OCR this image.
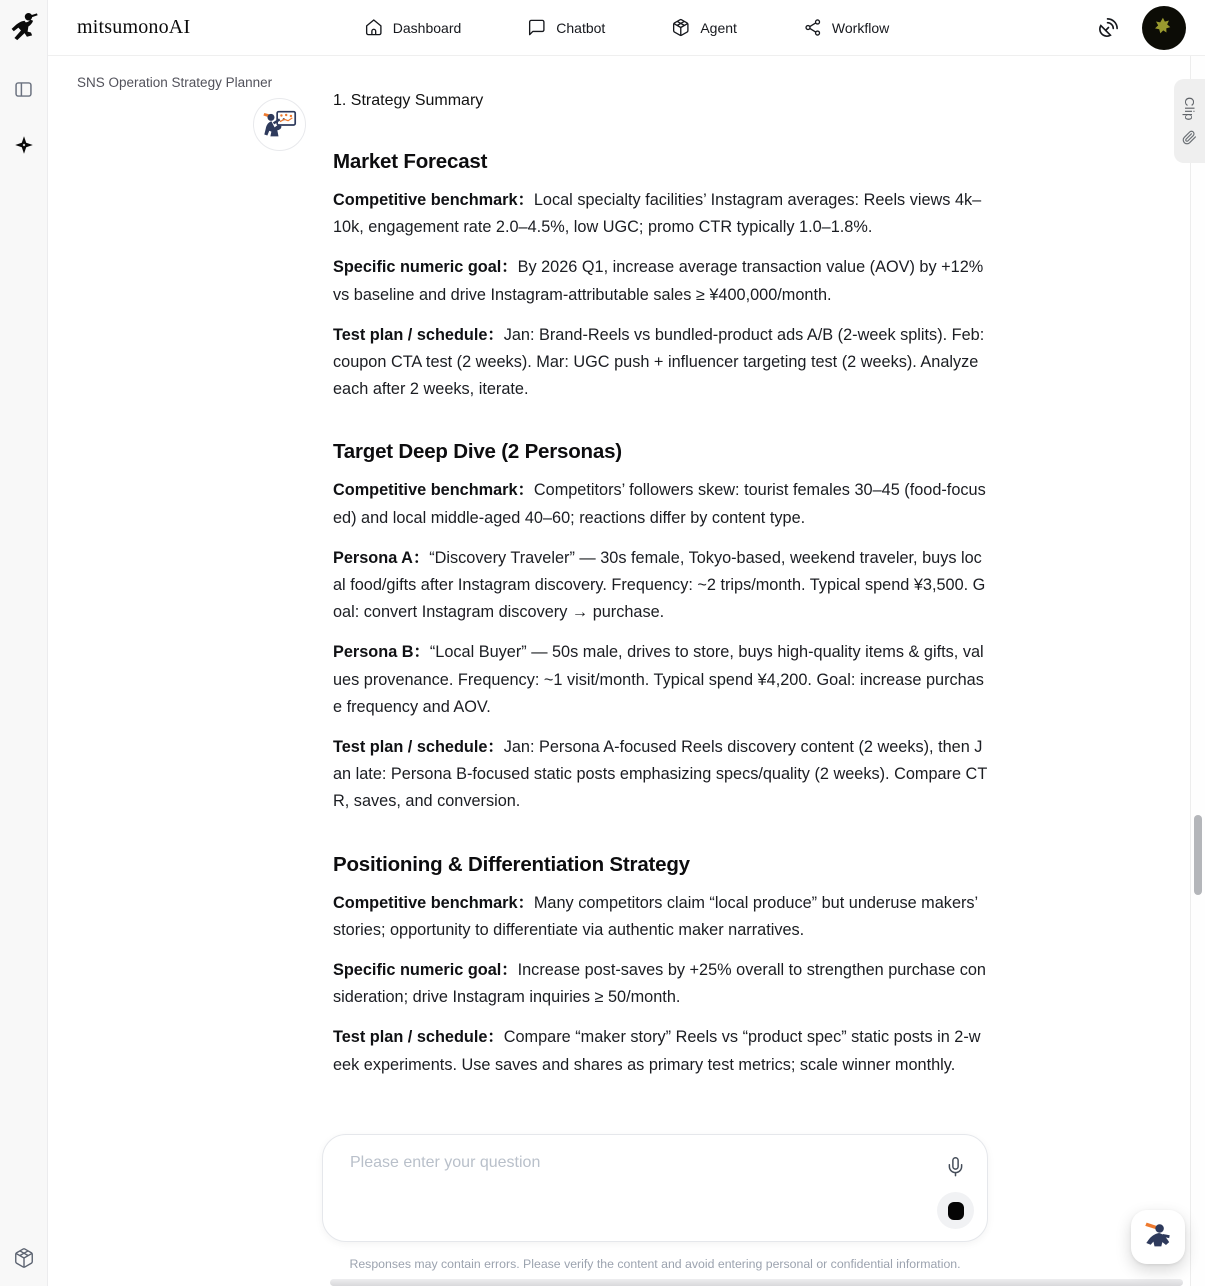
mitsumonoAI	Dashboard	Chatbot	Agent	Workflow
SNS Operation Strategy Planner

1. Strategy Summary

Market Forecast

Competitive benchmark：Local specialty facilities’ Instagram averages: Reels views 4k–10k, engagement rate 2.0–4.5%, low UGC; promo CTR typically 1.0–1.8%.

Specific numeric goal：By 2026 Q1, increase average transaction value (AOV) by +12% vs baseline and drive Instagram-attributable sales ≥ ¥400,000/month.

Test plan / schedule：Jan: Brand-Reels vs bundled-product ads A/B (2-week splits). Feb: coupon CTA test (2 weeks). Mar: UGC push + influencer targeting test (2 weeks). Analyze each after 2 weeks, iterate.

Target Deep Dive (2 Personas)

Competitive benchmark：Competitors’ followers skew: tourist females 30–45 (food-focused) and local middle-aged 40–60; reactions differ by content type.

Persona A：“Discovery Traveler” — 30s female, Tokyo-based, weekend traveler, buys local food/gifts after Instagram discovery. Frequency: ~2 trips/month. Typical spend ¥3,500. Goal: convert Instagram discovery → purchase.

Persona B：“Local Buyer” — 50s male, drives to store, buys high-quality items & gifts, values provenance. Frequency: ~1 visit/month. Typical spend ¥4,200. Goal: increase purchase frequency and AOV.

Test plan / schedule：Jan: Persona A-focused Reels discovery content (2 weeks), then Jan late: Persona B-focused static posts emphasizing specs/quality (2 weeks). Compare CTR, saves, and conversion.

Positioning & Differentiation Strategy

Competitive benchmark：Many competitors claim “local produce” but underuse makers’ stories; opportunity to differentiate via authentic maker narratives.

Specific numeric goal：Increase post-saves by +25% overall to strengthen purchase consideration; drive Instagram inquiries ≥ 50/month.

Test plan / schedule：Compare “maker story” Reels vs “product spec” static posts in 2-week experiments. Use saves and shares as primary test metrics; scale winner monthly.

Please enter your question
Responses may contain errors. Please verify the content and avoid entering personal or confidential information.
Clip
